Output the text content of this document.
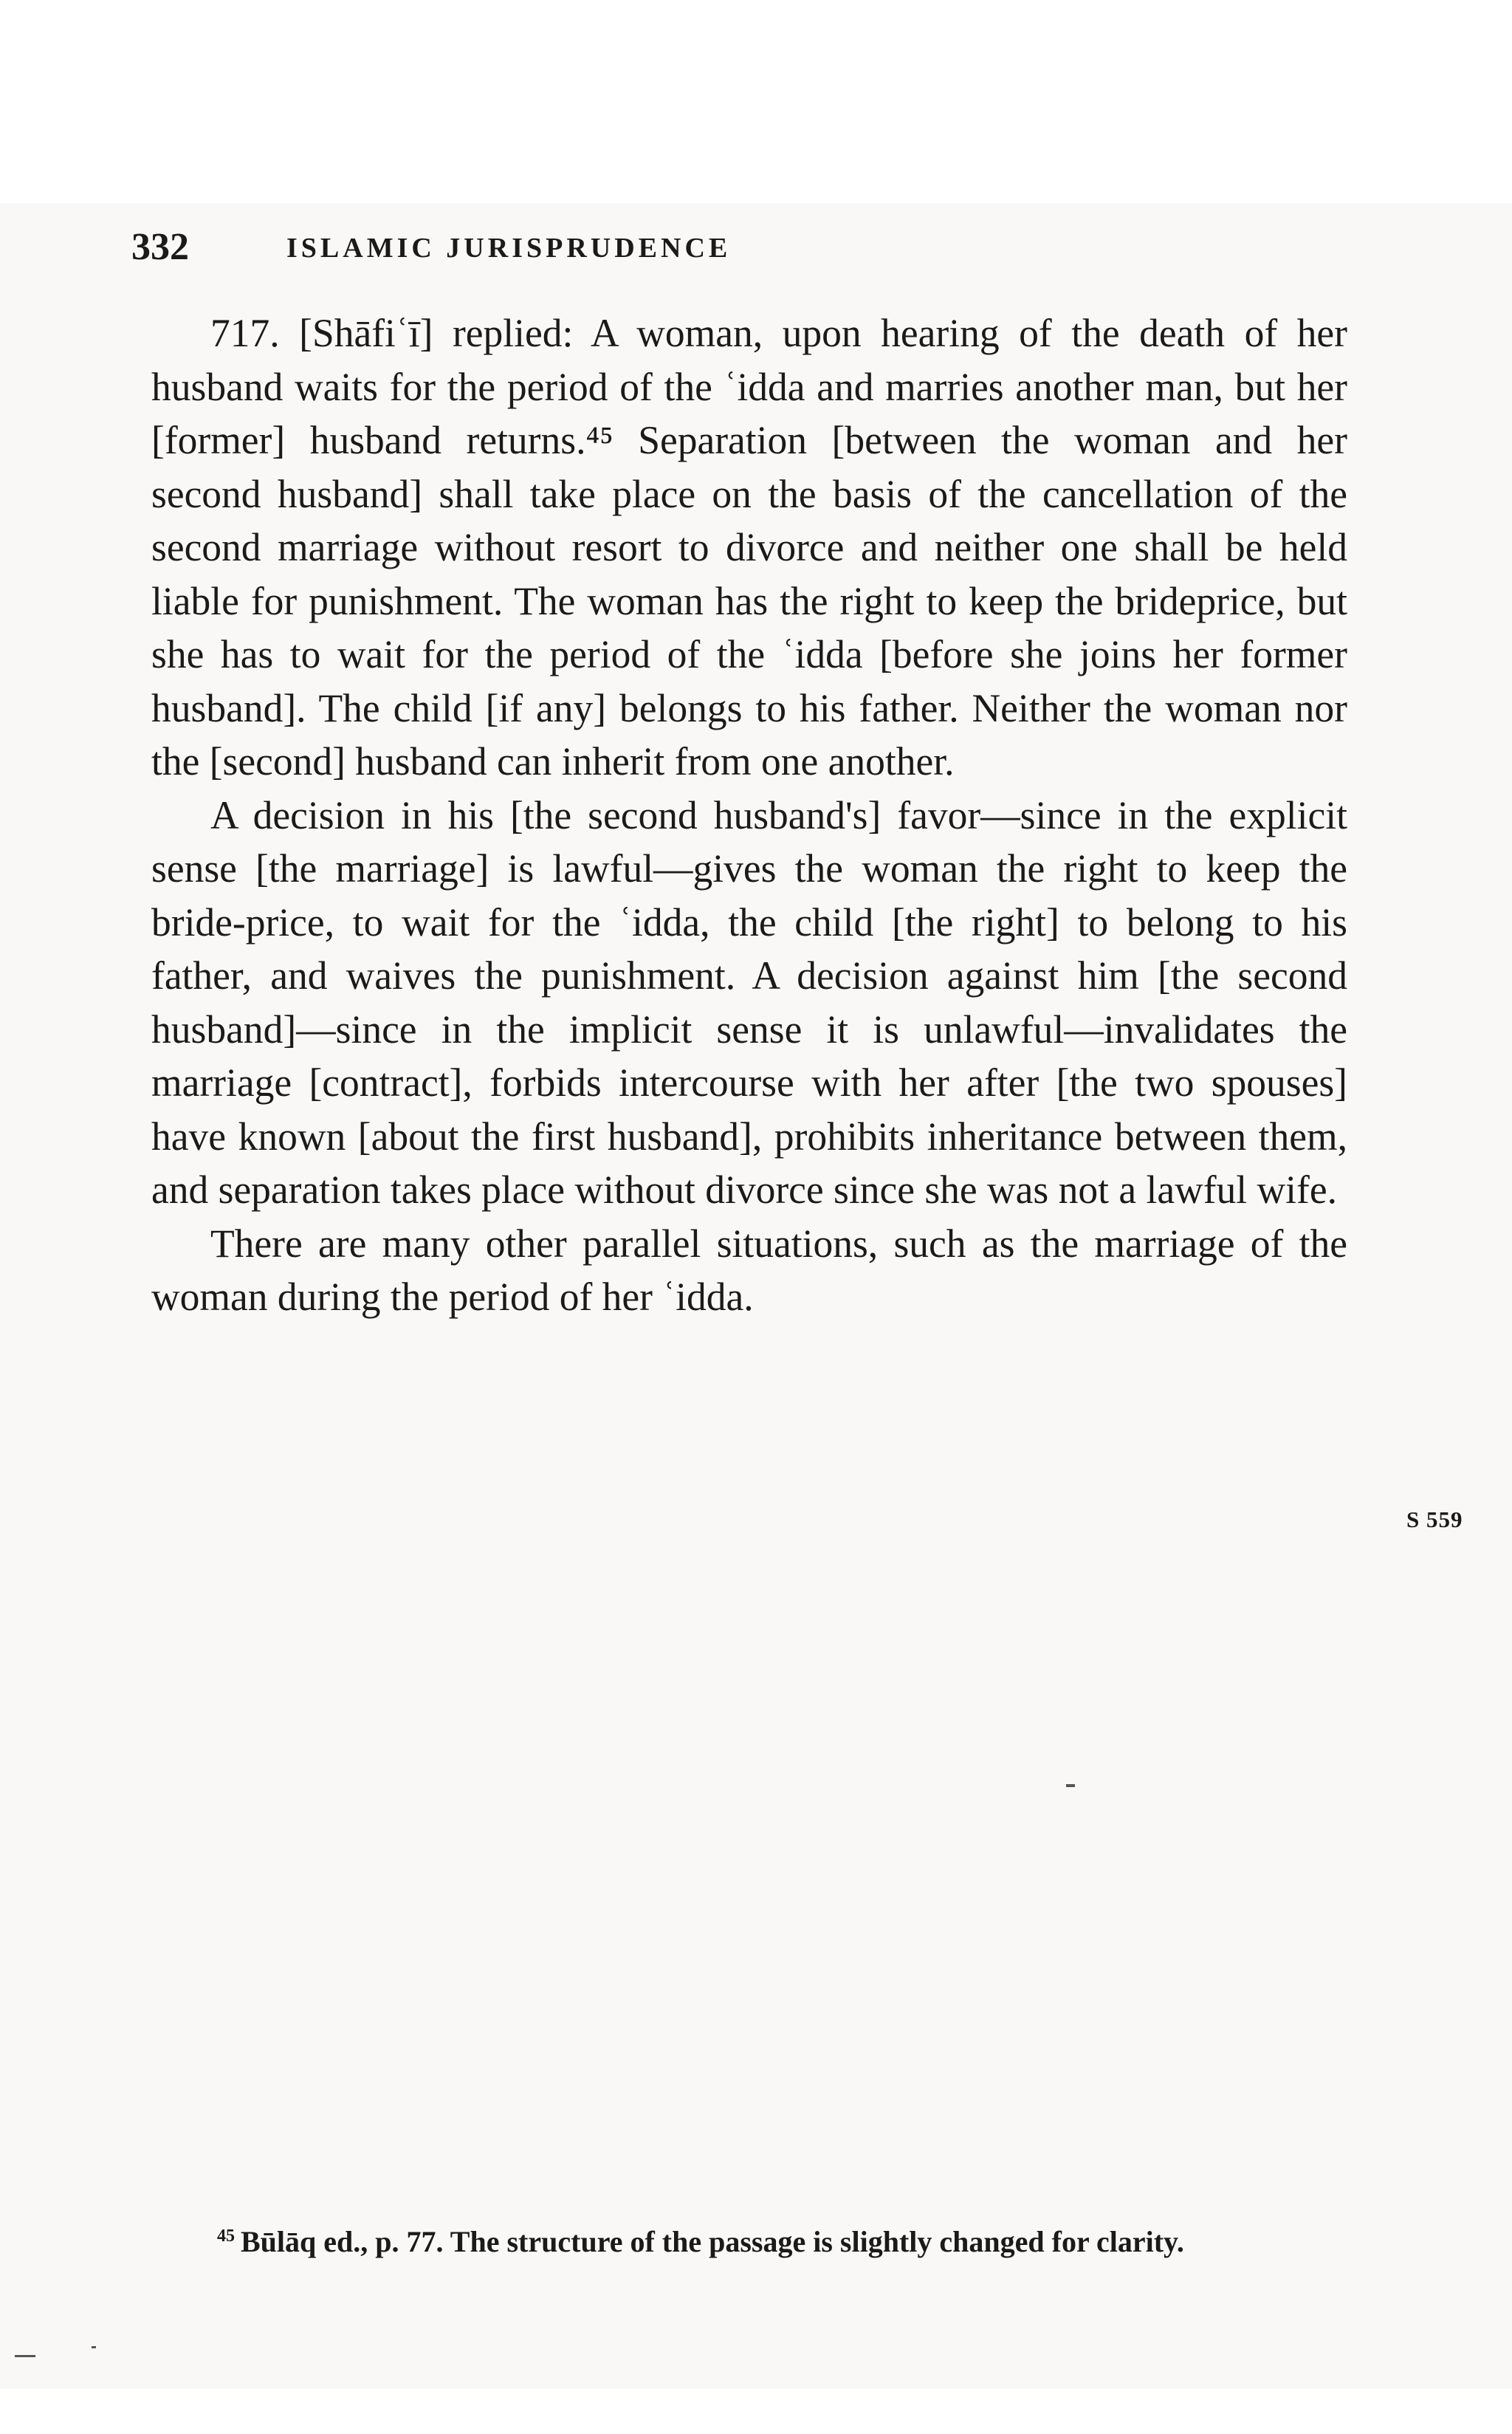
332	ISLAMIC JURISPRUDENCE

717. [Shāfiʿī] replied: A woman, upon hearing of the death of her husband waits for the period of the ʿidda and marries another man, but her [former] husband returns.⁴⁵ Separation [between the woman and her second husband] shall take place on the basis of the cancellation of the second marriage without resort to divorce and neither one shall be held liable for punishment. The woman has the right to keep the brideprice, but she has to wait for the period of the ʿidda [before she joins her former husband]. The child [if any] belongs to his father. Neither the woman nor the [second] husband can inherit from one another.

A decision in his [the second husband's] favor—since in the explicit sense [the marriage] is lawful—gives the woman the right to keep the bride-price, to wait for the ʿidda, the child [the right] to belong to his father, and waives the punishment. A decision against him [the second husband]—since in the implicit sense it is unlawful—invalidates the marriage [contract], forbids intercourse with her after [the two spouses] have known [about the first husband], prohibits inheritance between them, and separation takes place without divorce since she was not a lawful wife.

There are many other parallel situations, such as the marriage of the woman during the period of her ʿidda.

S 559
$^{45}$ Būlāq ed., p. 77. The structure of the passage is slightly changed for clarity.
